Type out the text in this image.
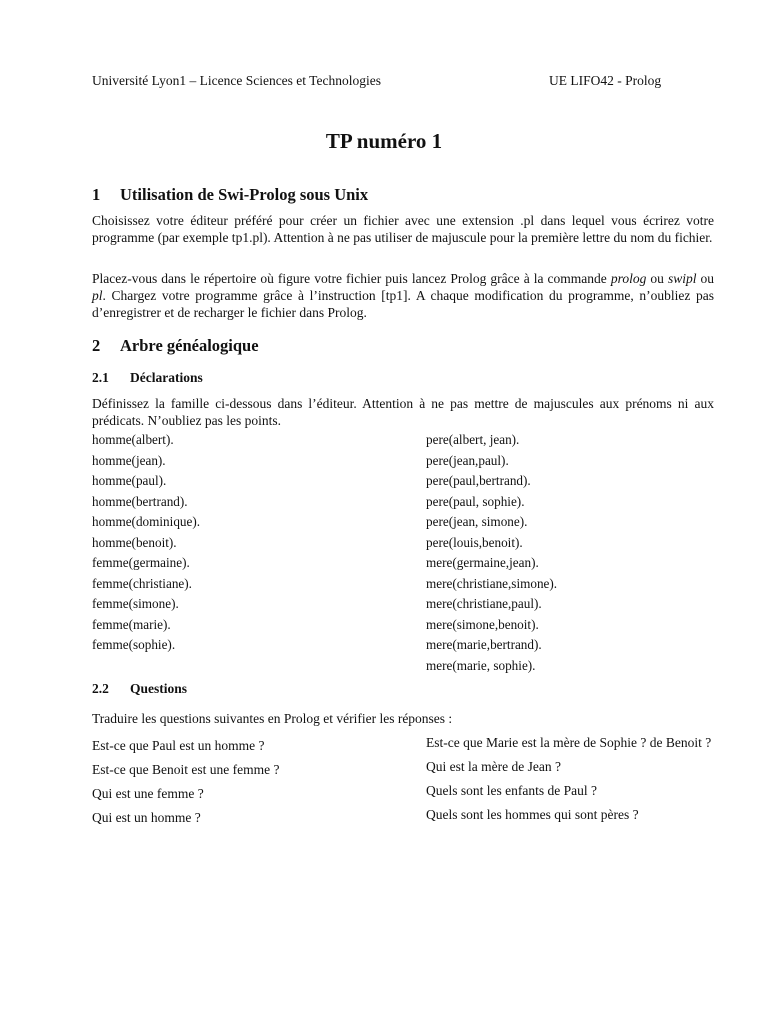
Université Lyon1 – Licence Sciences et Technologies	UE LIFO42 - Prolog
TP numéro 1
1 Utilisation de Swi-Prolog sous Unix

Choisissez votre éditeur préféré pour créer un fichier avec une extension .pl dans lequel vous écrirez votre programme (par exemple tp1.pl). Attention à ne pas utiliser de majuscule pour la première lettre du nom du fichier.

Placez-vous dans le répertoire où figure votre fichier puis lancez Prolog grâce à la commande prolog ou swipl ou pl. Chargez votre programme grâce à l’instruction [tp1]. A chaque modification du programme, n’oubliez pas d’enregistrer et de recharger le fichier dans Prolog.

2 Arbre généalogique
2.1 Déclarations

Définissez la famille ci-dessous dans l’éditeur. Attention à ne pas mettre de majuscules aux prénoms ni aux prédicats. N’oubliez pas les points.

homme(albert).
homme(jean).
homme(paul).
homme(bertrand).
homme(dominique).
homme(benoit).
femme(germaine).
femme(christiane).
femme(simone).
femme(marie).
femme(sophie).
pere(albert, jean).
pere(jean,paul).
pere(paul,bertrand).
pere(paul, sophie).
pere(jean, simone).
pere(louis,benoit).
mere(germaine,jean).
mere(christiane,simone).
mere(christiane,paul).
mere(simone,benoit).
mere(marie,bertrand).
mere(marie, sophie).
2.2 Questions

Traduire les questions suivantes en Prolog et vérifier les réponses :

Est-ce que Paul est un homme ?
Est-ce que Benoit est une femme ?
Qui est une femme ?
Qui est un homme ?
Est-ce que Marie est la mère de Sophie ? de Benoit ?
Qui est la mère de Jean ?
Quels sont les enfants de Paul ?
Quels sont les hommes qui sont pères ?
